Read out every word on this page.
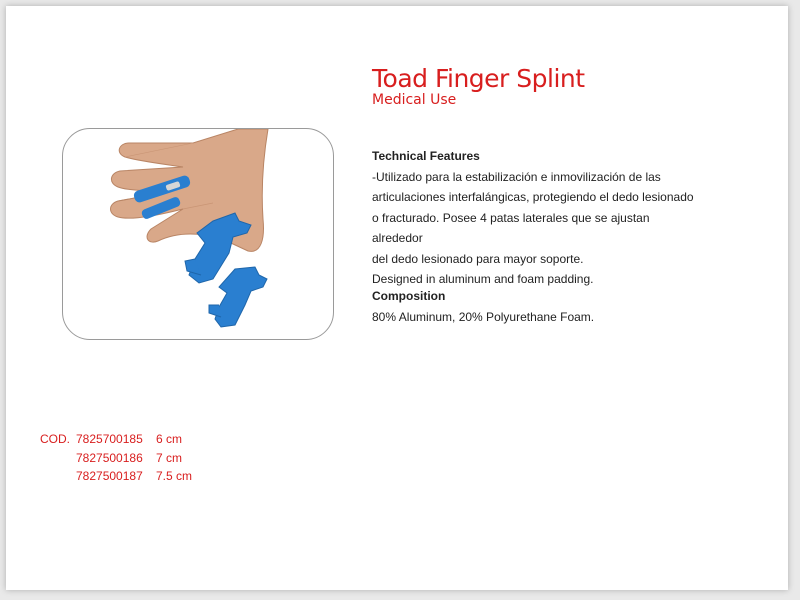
Toad Finger Splint
Medical Use
Technical Features
-Utilizado para la estabilización e inmovilización de las
articulaciones interfalángicas, protegiendo el dedo lesionado
o fracturado. Posee 4 patas laterales que se ajustan alrededor
del dedo lesionado para mayor soporte.
Designed in aluminum and foam padding.
Composition
80% Aluminum, 20% Polyurethane Foam.
COD. 7825700185	6 cm
7827500186	7 cm
7827500187	7.5 cm
